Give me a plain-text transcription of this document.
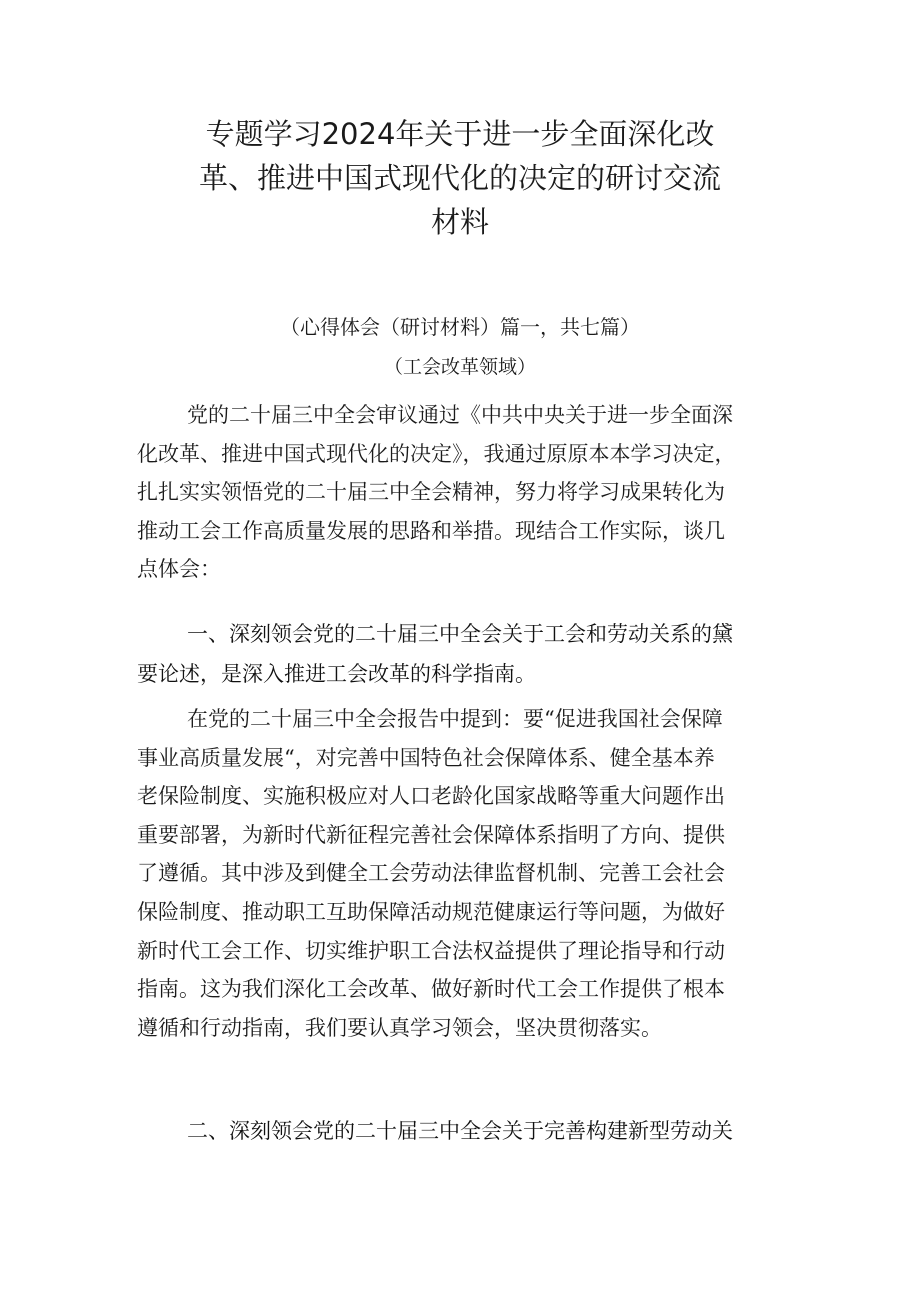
专题学习2024年关于进一步全面深化改
革、推进中国式现代化的决定的研讨交流
材料
（心得体会（研讨材料）篇一，共七篇）
（工会改革领域）
党的二十届三中全会审议通过《中共中央关于进一步全面深
化改革、推进中国式现代化的决定》，我通过原原本本学习决定，
扎扎实实领悟党的二十届三中全会精神，努力将学习成果转化为
推动工会工作高质量发展的思路和举措。现结合工作实际，谈几
点体会：
一、深刻领会党的二十届三中全会关于工会和劳动关系的黛
要论述，是深入推进工会改革的科学指南。
在党的二十届三中全会报告中提到：要“促进我国社会保障
事业高质量发展“，对完善中国特色社会保障体系、健全基本养
老保险制度、实施积极应对人口老龄化国家战略等重大问题作出
重要部署，为新时代新征程完善社会保障体系指明了方向、提供
了遵循。其中涉及到健全工会劳动法律监督机制、完善工会社会
保险制度、推动职工互助保障活动规范健康运行等问题，为做好
新时代工会工作、切实维护职工合法权益提供了理论指导和行动
指南。这为我们深化工会改革、做好新时代工会工作提供了根本
遵循和行动指南，我们要认真学习领会，坚决贯彻落实。
二、深刻领会党的二十届三中全会关于完善构建新型劳动关
